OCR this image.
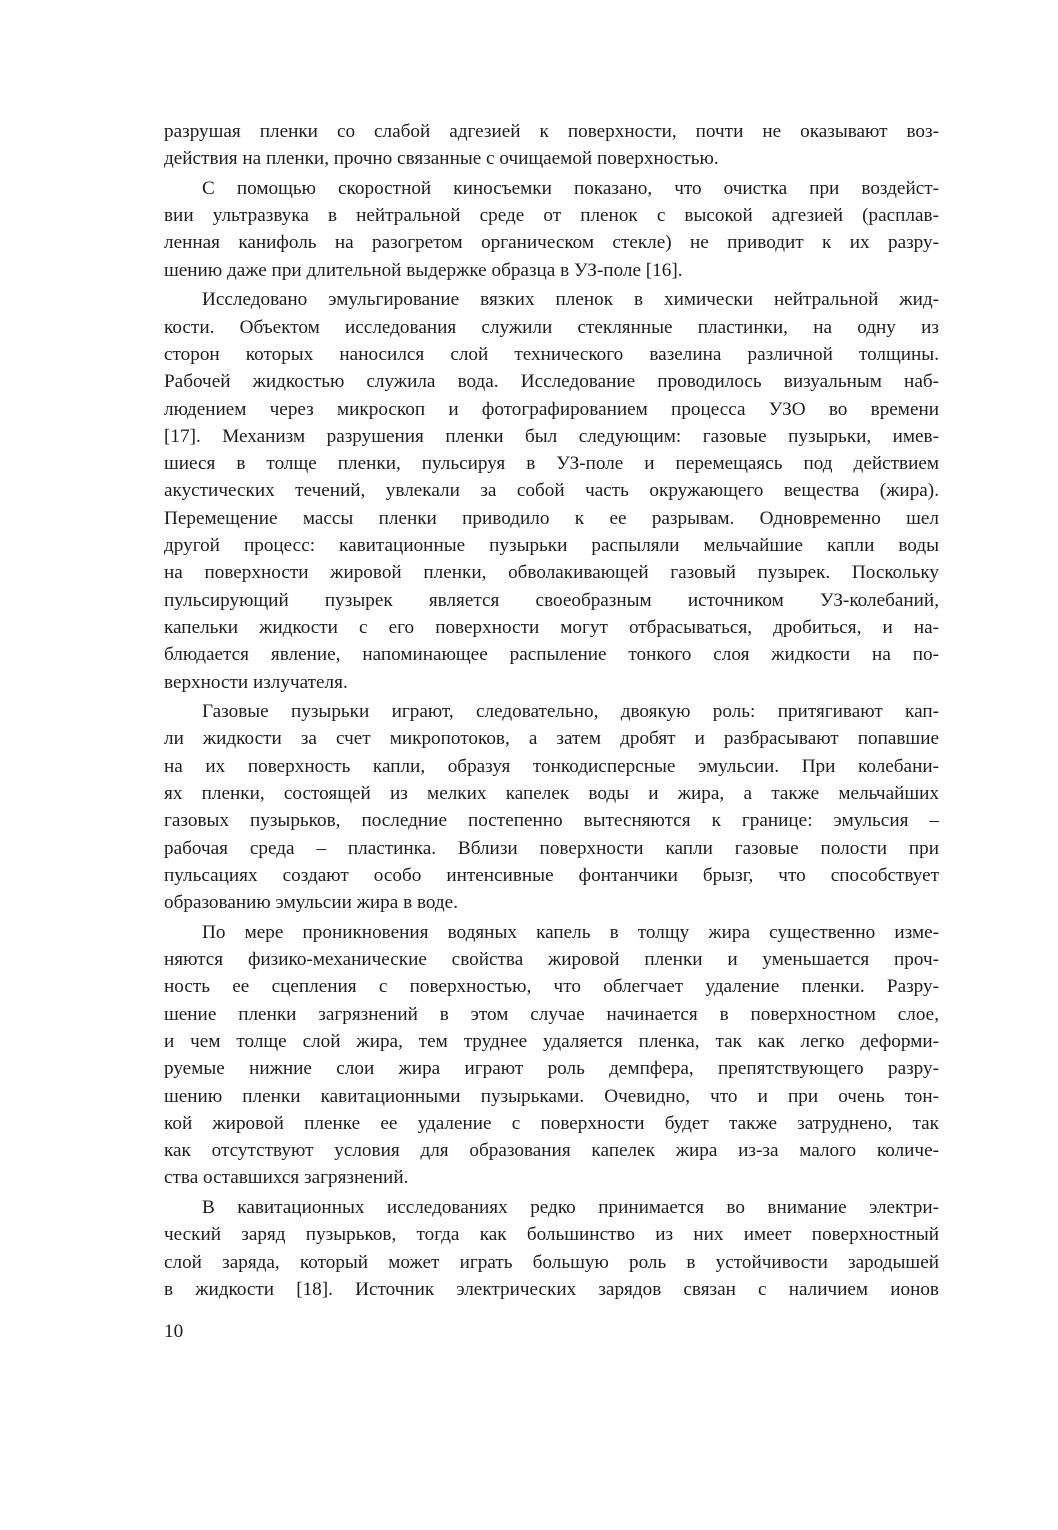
разрушая пленки со слабой адгезией к поверхности, почти не оказывают воз-
действия на пленки, прочно связанные с очищаемой поверхностью.
С помощью скоростной киносъемки показано, что очистка при воздейст-
вии ультразвука в нейтральной среде от пленок с высокой адгезией (расплав-
ленная канифоль на разогретом органическом стекле) не приводит к их разру-
шению даже при длительной выдержке образца в УЗ-поле [16].
Исследовано эмульгирование вязких пленок в химически нейтральной жид-
кости. Объектом исследования служили стеклянные пластинки, на одну из
сторон которых наносился слой технического вазелина различной толщины.
Рабочей жидкостью служила вода. Исследование проводилось визуальным наб-
людением через микроскоп и фотографированием процесса УЗО во времени
[17]. Механизм разрушения пленки был следующим: газовые пузырьки, имев-
шиеся в толще пленки, пульсируя в УЗ-поле и перемещаясь под действием
акустических течений, увлекали за собой часть окружающего вещества (жира).
Перемещение массы пленки приводило к ее разрывам. Одновременно шел
другой процесс: кавитационные пузырьки распыляли мельчайшие капли воды
на поверхности жировой пленки, обволакивающей газовый пузырек. Поскольку
пульсирующий пузырек является своеобразным источником УЗ-колебаний,
капельки жидкости с его поверхности могут отбрасываться, дробиться, и на-
блюдается явление, напоминающее распыление тонкого слоя жидкости на по-
верхности излучателя.
Газовые пузырьки играют, следовательно, двоякую роль: притягивают кап-
ли жидкости за счет микропотоков, а затем дробят и разбрасывают попавшие
на их поверхность капли, образуя тонкодисперсные эмульсии. При колебани-
ях пленки, состоящей из мелких капелек воды и жира, а также мельчайших
газовых пузырьков, последние постепенно вытесняются к границе: эмульсия –
рабочая среда – пластинка. Вблизи поверхности капли газовые полости при
пульсациях создают особо интенсивные фонтанчики брызг, что способствует
образованию эмульсии жира в воде.
По мере проникновения водяных капель в толщу жира существенно изме-
няются физико-механические свойства жировой пленки и уменьшается проч-
ность ее сцепления с поверхностью, что облегчает удаление пленки. Разру-
шение пленки загрязнений в этом случае начинается в поверхностном слое,
и чем толще слой жира, тем труднее удаляется пленка, так как легко деформи-
руемые нижние слои жира играют роль демпфера, препятствующего разру-
шению пленки кавитационными пузырьками. Очевидно, что и при очень тон-
кой жировой пленке ее удаление с поверхности будет также затруднено, так
как отсутствуют условия для образования капелек жира из-за малого количе-
ства оставшихся загрязнений.
В кавитационных исследованиях редко принимается во внимание электри-
ческий заряд пузырьков, тогда как большинство из них имеет поверхностный
слой заряда, который может играть большую роль в устойчивости зародышей
в жидкости [18]. Источник электрических зарядов связан с наличием ионов
10
